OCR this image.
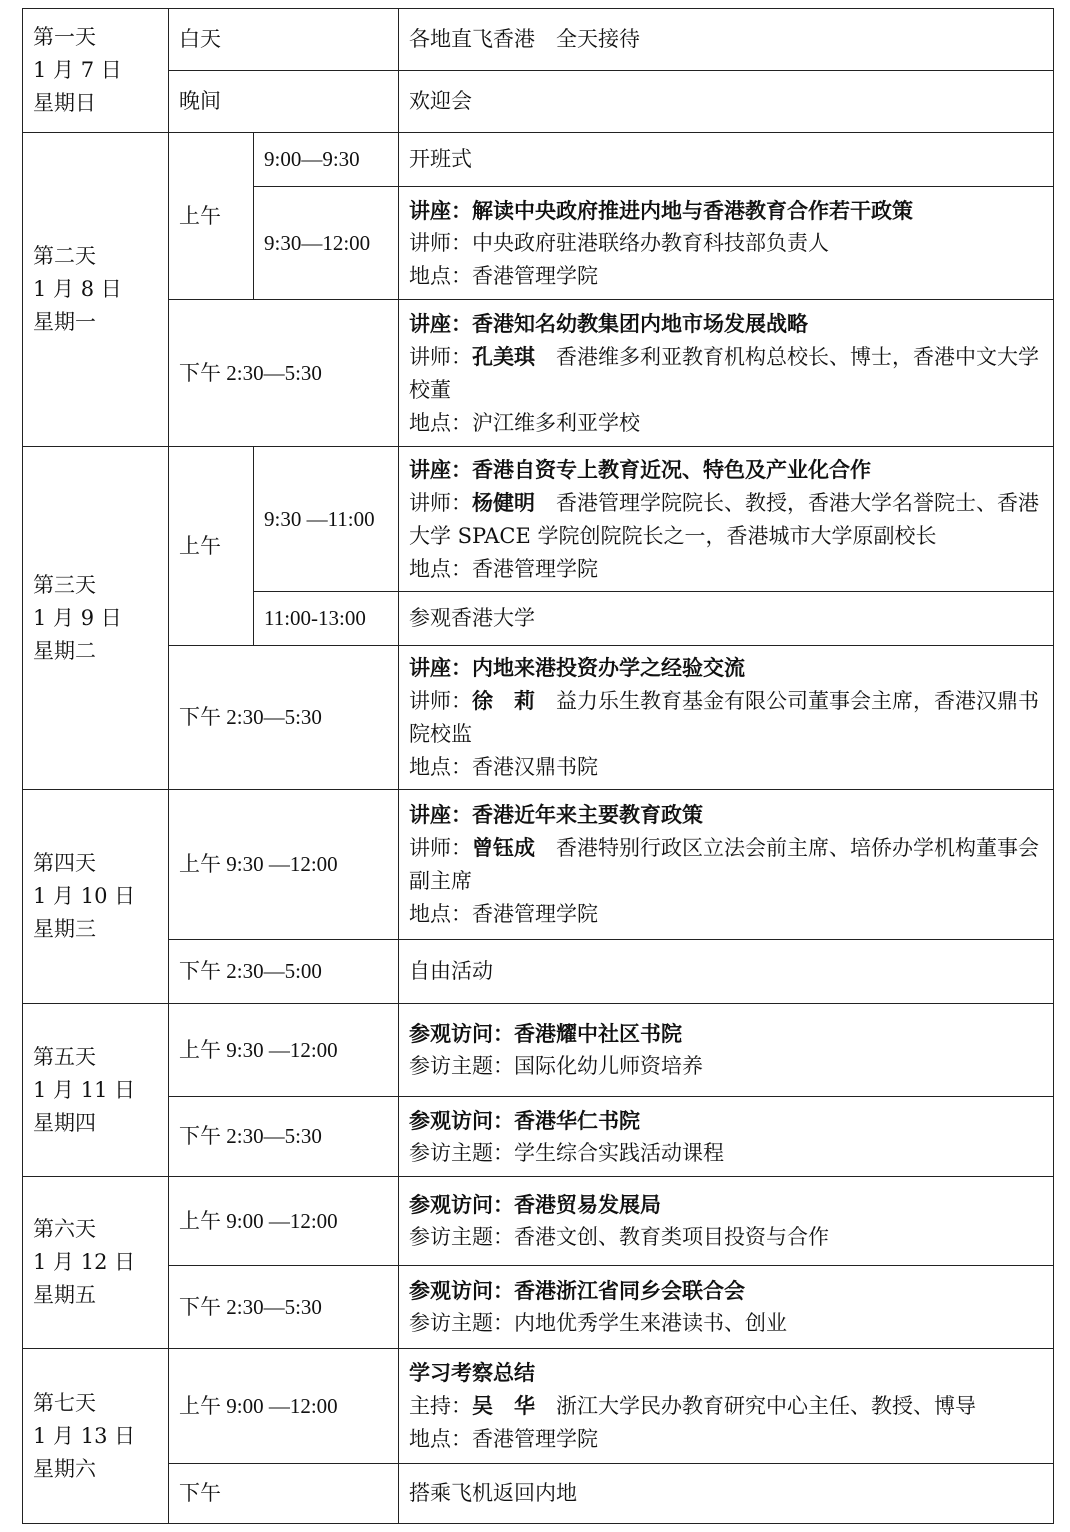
第一天
1 月 7 日
星期日	白天		各地直飞香港　全天接待
	晚间		欢迎会

第二天
1 月 8 日
星期一	上午	9:00—9:30	开班式
		9:30—12:00	讲座：解读中央政府推进内地与香港教育合作若干政策
讲师：中央政府驻港联络办教育科技部负责人
地点：香港管理学院

	下午 2:30—5:30		讲座：香港知名幼教集团内地市场发展战略
讲师：孔美琪　 香港维多利亚教育机构总校长、博士，香港中文大学校董
地点：沪江维多利亚学校

第三天
1 月 9 日
星期二	上午	9:30 —11:00	讲座：香港自资专上教育近况、特色及产业化合作
讲师：杨健明　 香港管理学院院长、教授，香港大学名誉院士、香港大学 SPACE 学院创院院长之一，香港城市大学原副校长
地点：香港管理学院

		11:00-13:00	参观香港大学
	下午 2:30—5:30		讲座：内地来港投资办学之经验交流
讲师：徐　莉　 益力乐生教育基金有限公司董事会主席，香港汉鼎书院校监
地点：香港汉鼎书院

第四天
1 月 10 日
星期三	上午 9:30 —12:00		讲座：香港近年来主要教育政策
讲师：曾钰成　 香港特别行政区立法会前主席、培侨办学机构董事会副主席
地点：香港管理学院

	下午 2:30—5:00		自由活动

第五天
1 月 11 日
星期四	上午 9:30 —12:00		参观访问：香港耀中社区书院
参访主题：国际化幼儿师资培养

	下午 2:30—5:30		参观访问：香港华仁书院
参访主题：学生综合实践活动课程

第六天
1 月 12 日
星期五	上午 9:00 —12:00		参观访问：香港贸易发展局
参访主题：香港文创、教育类项目投资与合作

	下午 2:30—5:30		参观访问：香港浙江省同乡会联合会
参访主题：内地优秀学生来港读书、创业

第七天
1 月 13 日
星期六	上午 9:00 —12:00		学习考察总结
主持：吴　华　 浙江大学民办教育研究中心主任、教授、博导
地点：香港管理学院

	下午		搭乘飞机返回内地
